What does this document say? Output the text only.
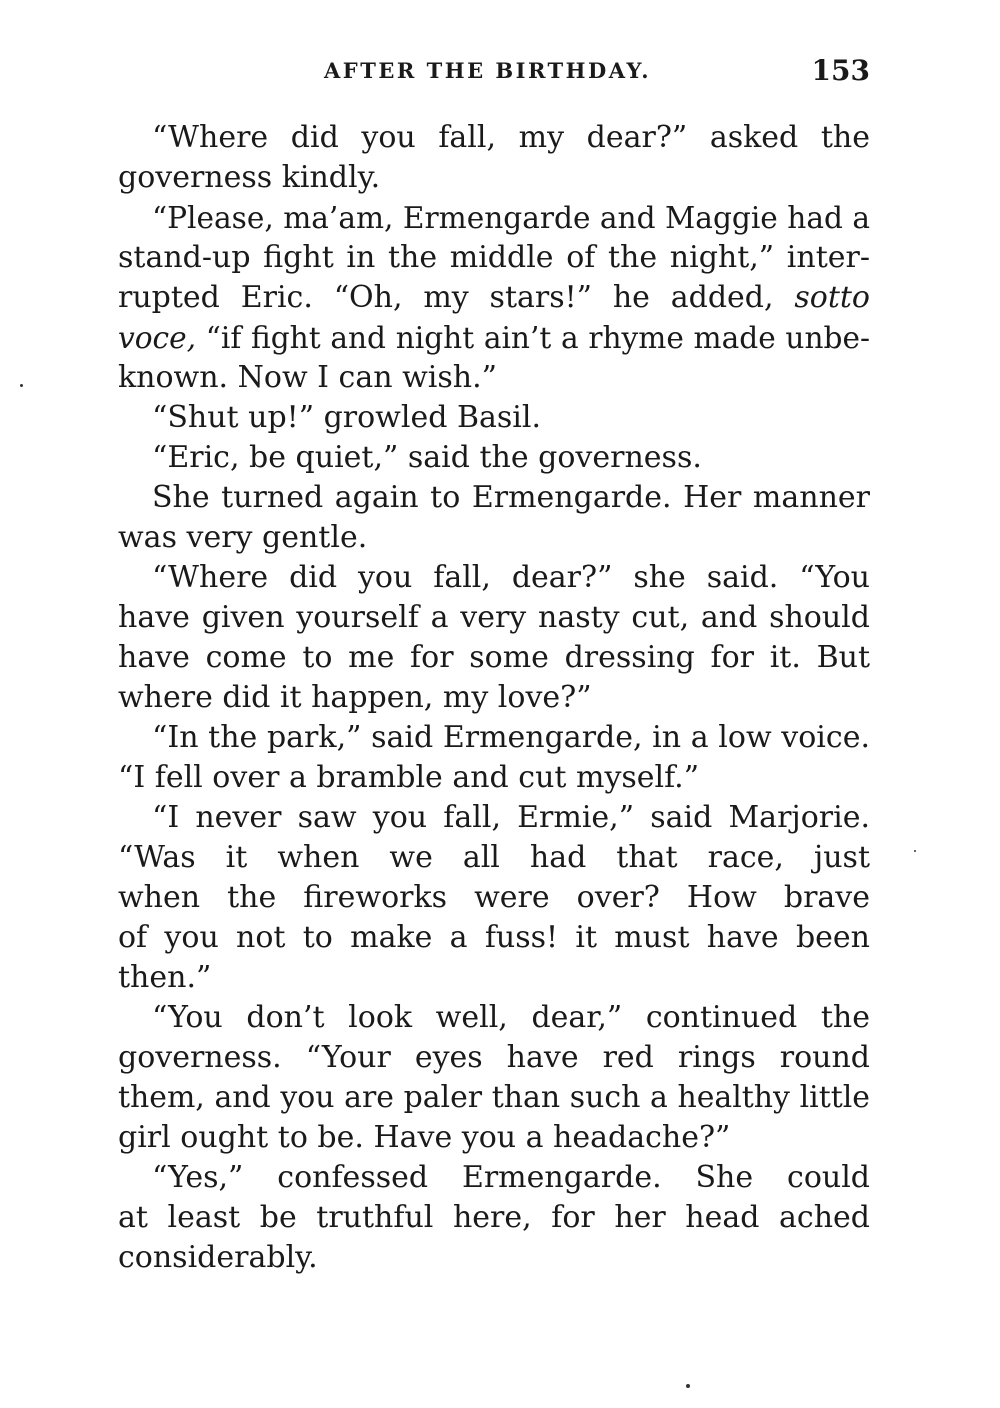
AFTER THE BIRTHDAY.	153
“Where did you fall, my dear?” asked the
governess kindly.
“Please, ma’am, Ermengarde and Maggie had a
stand-up fight in the middle of the night,” inter-
rupted Eric. “Oh, my stars!” he added, sotto
voce, “if fight and night ain’t a rhyme made unbe-
known. Now I can wish.”
“Shut up!” growled Basil.
“Eric, be quiet,” said the governess.
She turned again to Ermengarde. Her manner
was very gentle.
“Where did you fall, dear?” she said. “You
have given yourself a very nasty cut, and should
have come to me for some dressing for it. But
where did it happen, my love?”
“In the park,” said Ermengarde, in a low voice.
“I fell over a bramble and cut myself.”
“I never saw you fall, Ermie,” said Marjorie.
“Was it when we all had that race, just
when the fireworks were over? How brave
of you not to make a fuss! it must have been
then.”
“You don’t look well, dear,” continued the
governess. “Your eyes have red rings round
them, and you are paler than such a healthy little
girl ought to be. Have you a headache?”
“Yes,” confessed Ermengarde. She could
at least be truthful here, for her head ached
considerably.
